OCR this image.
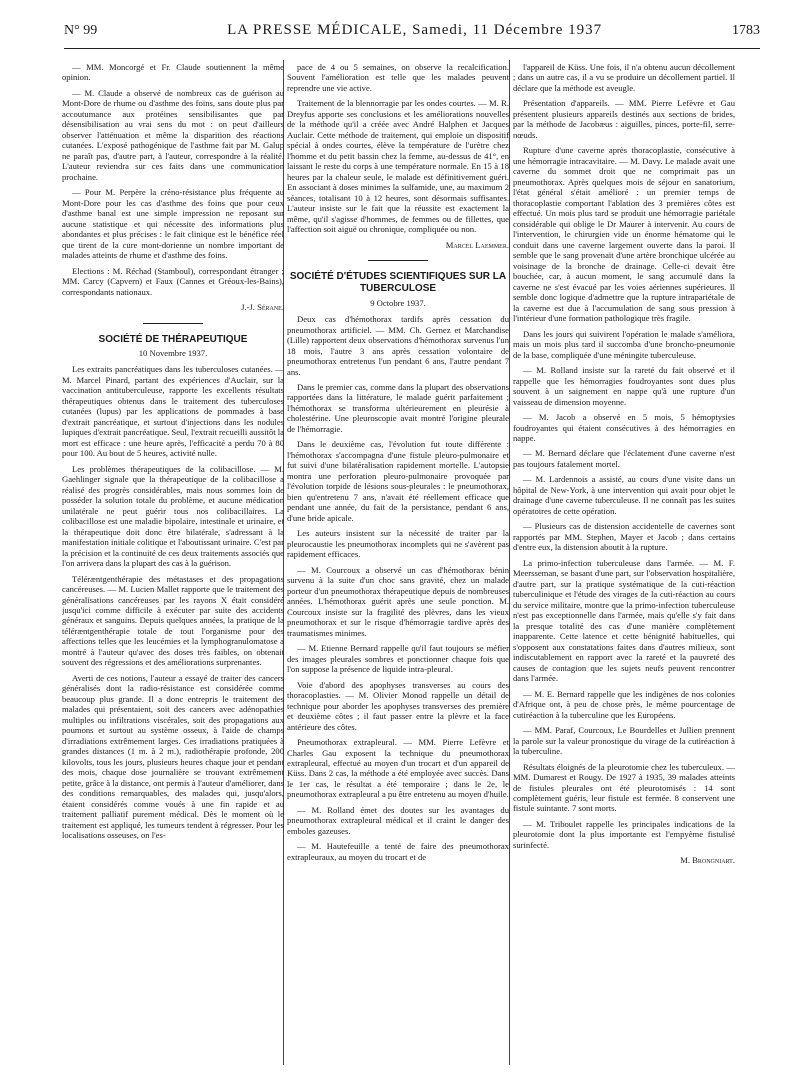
N° 99	LA PRESSE MÉDICALE, Samedi, 11 Décembre 1937	1783

— MM. Moncorgé et Fr. Claude soutiennent la même opinion.

— M. Claude a observé de nombreux cas de guérison au Mont-Dore de rhume ou d'asthme des foins, sans doute plus par accoutumance aux protéines sensibilisantes que par désensibilisation au vrai sens du mot : on peut d'ailleurs observer l'atténuation et même la disparition des réactions cutanées. L'exposé pathogénique de l'asthme fait par M. Galup ne paraît pas, d'autre part, à l'auteur, correspondre à la réalité. L'auteur reviendra sur ces faits dans une communication prochaine.

— Pour M. Perpère la créno-résistance plus fréquente au Mont-Dore pour les cas d'asthme des foins que pour ceux d'asthme banal est une simple impression ne reposant sur aucune statistique et qui nécessite des informations plus abondantes et plus précises : le fait clinique est le bénéfice réel que tirent de la cure mont-dorienne un nombre important de malades atteints de rhume et d'asthme des foins.

Elections : M. Réchad (Stamboul), correspondant étranger ; MM. Carcy (Capvern) et Faux (Cannes et Gréoux-les-Bains), correspondants nationaux.

J.-J. Sérane.

SOCIÉTÉ DE THÉRAPEUTIQUE

10 Novembre 1937.

Les extraits pancréatiques dans les tuberculoses cutanées. — M. Marcel Pinard, partant des expériences d'Auclair, sur la vaccination antituberculeuse, rapporte les excellents résultats thérapeutiques obtenus dans le traitement des tuberculoses cutanées (lupus) par les applications de pommades à base d'extrait pancréatique, et surtout d'injections dans les nodules lupiques d'extrait pancréatique. Seul, l'extrait recueilli aussitôt la mort est efficace : une heure après, l'efficacité a perdu 70 à 80 pour 100. Au bout de 5 heures, activité nulle.

Les problèmes thérapeutiques de la colibacillose. — M. Gaehlinger signale que la thérapeutique de la colibacillose a réalisé des progrès considérables, mais nous sommes loin de posséder la solution totale du problème, et aucune médication unilatérale ne peut guérir tous nos colibacillaires. La colibacillose est une maladie bipolaire, intestinale et urinaire, et la thérapeutique doit donc être bilatérale, s'adressant à la manifestation initiale colitique et l'aboutissant urinaire. C'est par la précision et la continuité de ces deux traitements associés que l'on arrivera dans la plupart des cas à la guérison.

Téléræntgenthérapie des métastases et des propagations cancéreuses. — M. Lucien Mallet rapporte que le traitement des généralisations cancéreuses par les rayons X était considéré jusqu'ici comme difficile à exécuter par suite des accidents généraux et sanguins. Depuis quelques années, la pratique de la téléræntgenthérapie totale de tout l'organisme pour des affections telles que les leucémies et la lymphogranulomatose a montré à l'auteur qu'avec des doses très faibles, on obtenait souvent des régressions et des améliorations surprenantes.

Averti de ces notions, l'auteur a essayé de traiter des cancers généralisés dont la radio-résistance est considérée comme beaucoup plus grande. Il a donc entrepris le traitement des malades qui présentaient, soit des cancers avec adénopathies multiples ou infiltrations viscérales, soit des propagations aux poumons et surtout au système osseux, à l'aide de champs d'irradiations extrêmement larges. Ces irradiations pratiquées à grandes distances (1 m. à 2 m.), radiothérapie profonde, 200 kilovolts, tous les jours, plusieurs heures chaque jour et pendant des mois, chaque dose journalière se trouvant extrêmement petite, grâce à la distance, ont permis à l'auteur d'améliorer, dans des conditions remarquables, des malades qui, jusqu'alors, étaient considérés comme voués à une fin rapide et au traitement palliatif purement médical. Dès le moment où le traitement est appliqué, les tumeurs tendent à régresser. Pour les localisations osseuses, on l'es-

pace de 4 ou 5 semaines, on observe la recalcification. Souvent l'amélioration est telle que les malades peuvent reprendre une vie active.

Traitement de la blennorragie par les ondes courtes. — M. R. Dreyfus apporte ses conclusions et les améliorations nouvelles de la méthode qu'il a créée avec André Halphen et Jacques Auclair. Cette méthode de traitement, qui emploie un dispositif spécial à ondes courtes, élève la température de l'urètre chez l'homme et du petit bassin chez la femme, au-dessus de 41°, en laissant le reste du corps à une température normale. En 15 à 18 heures par la chaleur seule, le malade est définitivement guéri. En associant à doses minimes la sulfamide, une, au maximum 2 séances, totalisant 10 à 12 heures, sont désormais suffisantes. L'auteur insiste sur le fait que la réussite est exactement la même, qu'il s'agisse d'hommes, de femmes ou de fillettes, que l'affection soit aiguë ou chronique, compliquée ou non.

Marcel Laemmer.

SOCIÉTÉ D'ÉTUDES SCIENTIFIQUES SUR LA TUBERCULOSE

9 Octobre 1937.

Deux cas d'hémothorax tardifs après cessation du pneumothorax artificiel. — MM. Ch. Gernez et Marchandise (Lille) rapportent deux observations d'hémothorax survenus l'un 18 mois, l'autre 3 ans après cessation volontaire de pneumothorax entretenus l'un pendant 6 ans, l'autre pendant 7 ans.

Dans le premier cas, comme dans la plupart des observations rapportées dans la littérature, le malade guérit parfaitement ; l'hémothorax se transforma ultérieurement en pleurésie à cholestérine. Une pleuroscopie avait montré l'origine pleurale de l'hémorragie.

Dans le deuxième cas, l'évolution fut toute différente : l'hémothorax s'accompagna d'une fistule pleuro-pulmonaire et fut suivi d'une bilatéralisation rapidement mortelle. L'autopsie montra une perforation pleuro-pulmonaire provoquée par l'évolution torpide de lésions sous-pleurales : le pneumothorax, bien qu'entretenu 7 ans, n'avait été réellement efficace que pendant une année, du fait de la persistance, pendant 6 ans, d'une bride apicale.

Les auteurs insistent sur la nécessité de traiter par la pleurocaustie les pneumothorax incomplets qui ne s'avèrent pas rapidement efficaces.

— M. Courcoux a observé un cas d'hémothorax bénin survenu à la suite d'un choc sans gravité, chez un malade porteur d'un pneumothorax thérapeutique depuis de nombreuses années. L'hémothorax guérit après une seule ponction. M. Courcoux insiste sur la fragilité des plèvres, dans les vieux pneumothorax et sur le risque d'hémorragie tardive après des traumatismes minimes.

— M. Etienne Bernard rappelle qu'il faut toujours se méfier des images pleurales sombres et ponctionner chaque fois que l'on suppose la présence de liquide intra-pleural.

Voie d'abord des apophyses transverses au cours des thoracoplasties. — M. Olivier Monod rappelle un détail de technique pour aborder les apophyses transverses des première et deuxième côtes ; il faut passer entre la plèvre et la face antérieure des côtes.

Pneumothorax extrapleural. — MM. Pierre Lefèvre et Charles Gau exposent la technique du pneumothorax extrapleural, effectué au moyen d'un trocart et d'un appareil de Küss. Dans 2 cas, la méthode a été employée avec succès. Dans le 1er cas, le résultat a été temporaire ; dans le 2e, le pneumothorax extrapleural a pu être entretenu au moyen d'huile.

— M. Rolland émet des doutes sur les avantages du pneumothorax extrapleural médical et il craint le danger des emboles gazeuses.

— M. Hautefeuille a tenté de faire des pneumothorax extrapleuraux, au moyen du trocart et de

l'appareil de Küss. Une fois, il n'a obtenu aucun décollement ; dans un autre cas, il a vu se produire un décollement partiel. Il déclare que la méthode est aveugle.

Présentation d'appareils. — MM. Pierre Lefèvre et Gau présentent plusieurs appareils destinés aux sections de brides, par la méthode de Jacobæus : aiguilles, pinces, porte-fil, serre-nœuds.

Rupture d'une caverne après thoracoplastie, consécutive à une hémorragie intracavitaire. — M. Davy. Le malade avait une caverne du sommet droit que ne comprimait pas un pneumothorax. Après quelques mois de séjour en sanatorium, l'état général s'était amélioré : un premier temps de thoracoplastie comportant l'ablation des 3 premières côtes est effectué. Un mois plus tard se produit une hémorragie pariétale considérable qui oblige le Dr Maurer à intervenir. Au cours de l'intervention, le chirurgien vide un énorme hématome qui le conduit dans une caverne largement ouverte dans la paroi. Il semble que le sang provenait d'une artère bronchique ulcérée au voisinage de la bronche de drainage. Celle-ci devait être bouchée, car, à aucun moment, le sang accumulé dans la caverne ne s'est évacué par les voies aériennes supérieures. Il semble donc logique d'admettre que la rupture intrapariétale de la caverne est due à l'accumulation de sang sous pression à l'intérieur d'une formation pathologique très fragile.

Dans les jours qui suivirent l'opération le malade s'améliora, mais un mois plus tard il succomba d'une broncho-pneumonie de la base, compliquée d'une méningite tuberculeuse.

— M. Rolland insiste sur la rareté du fait observé et il rappelle que les hémorragies foudroyantes sont dues plus souvent à un saignement en nappe qu'à une rupture d'un vaisseau de dimension moyenne.

— M. Jacob a observé en 5 mois, 5 hémoptysies foudroyantes qui étaient consécutives à des hémorragies en nappe.

— M. Bernard déclare que l'éclatement d'une caverne n'est pas toujours fatalement mortel.

— M. Lardennois a assisté, au cours d'une visite dans un hôpital de New-York, à une intervention qui avait pour objet le drainage d'une caverne tuberculeuse. Il ne connaît pas les suites opératoires de cette opération.

— Plusieurs cas de distension accidentelle de cavernes sont rapportés par MM. Stephen, Mayer et Jacob ; dans certains d'entre eux, la distension aboutit à la rupture.

La primo-infection tuberculeuse dans l'armée. — M. F. Meersseman, se basant d'une part, sur l'observation hospitalière, d'autre part, sur la pratique systématique de la cuti-réaction tuberculinique et l'étude des virages de la cuti-réaction au cours du service militaire, montre que la primo-infection tuberculeuse n'est pas exceptionnelle dans l'armée, mais qu'elle s'y fait dans la presque totalité des cas d'une manière complètement inapparente. Cette latence et cette bénignité habituelles, qui s'opposent aux constatations faites dans d'autres milieux, sont indiscutablement en rapport avec la rareté et la pauvreté des causes de contagion que les sujets neufs peuvent rencontrer dans l'armée.

— M. E. Bernard rappelle que les indigènes de nos colonies d'Afrique ont, à peu de chose près, le même pourcentage de cutiréaction à la tuberculine que les Européens.

— MM. Paraf, Courcoux, Le Bourdelles et Jullien prennent la parole sur la valeur pronostique du virage de la cutiréaction à la tuberculine.

Résultats éloignés de la pleurotomie chez les tuberculeux. — MM. Dumarest et Rougy. De 1927 à 1935, 39 malades atteints de fistules pleurales ont été pleurotomisés : 14 sont complètement guéris, leur fistule est fermée. 8 conservent une fistule suintante. 7 sont morts.

— M. Triboulet rappelle les principales indications de la pleurotomie dont la plus importante est l'empyème fistulisé surinfecté.

M. Brongniart.
